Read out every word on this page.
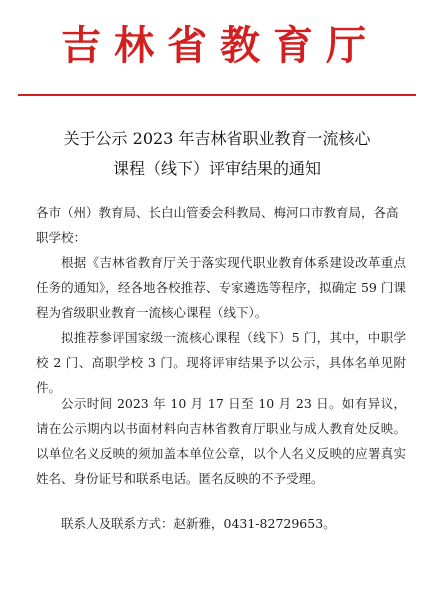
吉林省教育厅
关于公示 2023 年吉林省职业教育一流核心
课程（线下）评审结果的通知
各市（州）教育局、长白山管委会科教局、梅河口市教育局，各高职学校：
根据《吉林省教育厅关于落实现代职业教育体系建设改革重点任务的通知》，经各地各校推荐、专家遴选等程序，拟确定 59 门课程为省级职业教育一流核心课程（线下）。
拟推荐参评国家级一流核心课程（线下）5 门，其中，中职学校 2 门、高职学校 3 门。现将评审结果予以公示，具体名单见附件。
公示时间 2023 年 10 月 17 日至 10 月 23 日。如有异议，请在公示期内以书面材料向吉林省教育厅职业与成人教育处反映。以单位名义反映的须加盖本单位公章，以个人名义反映的应署真实姓名、身份证号和联系电话。匿名反映的不予受理。
联系人及联系方式：赵新雅，0431-82729653。
